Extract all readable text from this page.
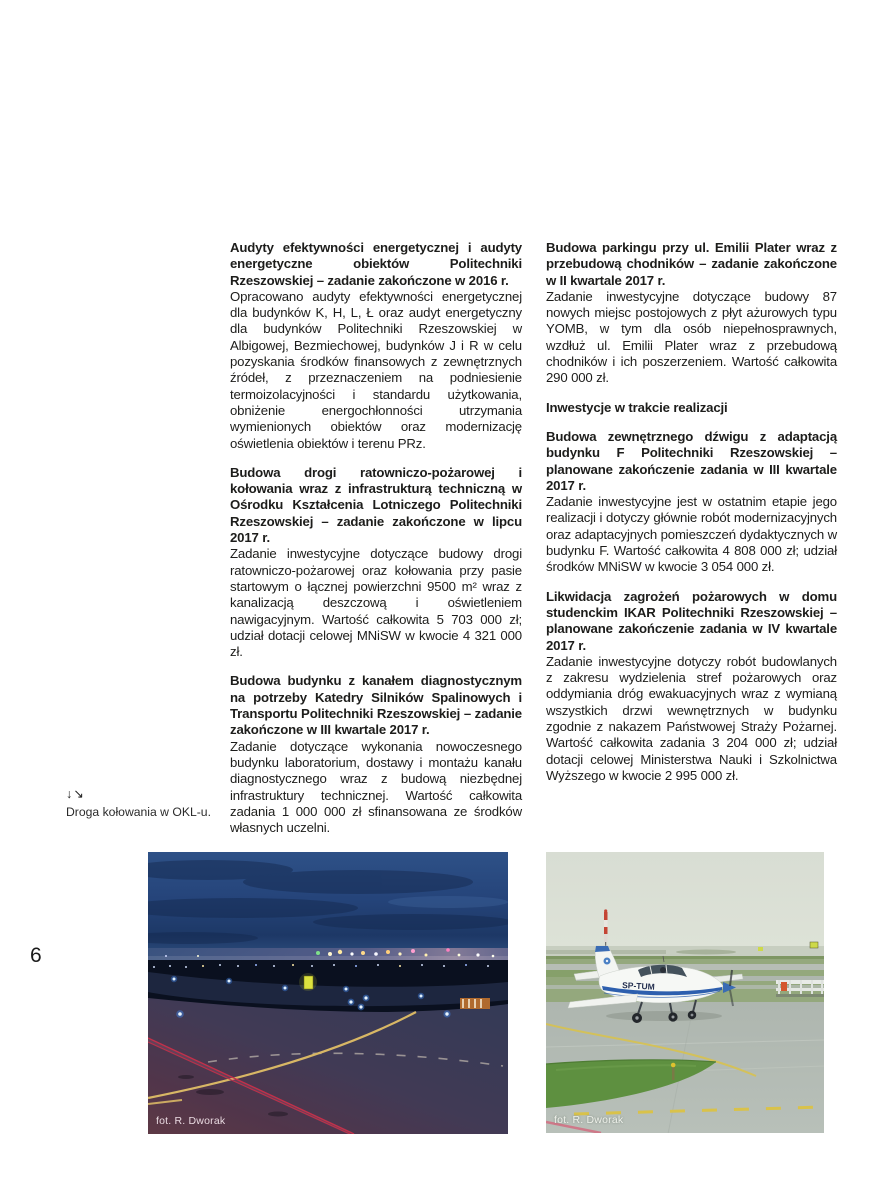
↓↘
Droga kołowania w OKL-u.
6
Audyty efektywności energetycznej i audyty energetyczne obiektów Politechniki Rzeszowskiej – zadanie zakończone w 2016 r.

Opracowano audyty efektywności energetycznej dla budynków K, H, L, Ł oraz audyt energetyczny dla budynków Politechniki Rzeszowskiej w Albigowej, Bezmiechowej, budynków J i R w celu pozyskania środków finansowych z zewnętrznych źródeł, z przeznaczeniem na podniesienie termoizolacyjności i standardu użytkowania, obniżenie energochłonności utrzymania wymienionych obiektów oraz modernizację oświetlenia obiektów i terenu PRz.

Budowa drogi ratowniczo-pożarowej i kołowania wraz z infrastrukturą techniczną w Ośrodku Kształcenia Lotniczego Politechniki Rzeszowskiej – zadanie zakończone w lipcu 2017 r.

Zadanie inwestycyjne dotyczące budowy drogi ratowniczo-pożarowej oraz kołowania przy pasie startowym o łącznej powierzchni 9500 m² wraz z kanalizacją deszczową i oświetleniem nawigacyjnym. Wartość całkowita 5 703 000 zł; udział dotacji celowej MNiSW w kwocie 4 321 000 zł.

Budowa budynku z kanałem diagnostycznym na potrzeby Katedry Silników Spalinowych i Transportu Politechniki Rzeszowskiej – zadanie zakończone w III kwartale 2017 r.

Zadanie dotyczące wykonania nowoczesnego budynku laboratorium, dostawy i montażu kanału diagnostycznego wraz z budową niezbędnej infrastruktury technicznej. Wartość całkowita zadania 1 000 000 zł sfinansowana ze środków własnych uczelni.

Budowa parkingu przy ul. Emilii Plater wraz z przebudową chodników – zadanie zakończone w II kwartale 2017 r.

Zadanie inwestycyjne dotyczące budowy 87 nowych miejsc postojowych z płyt ażurowych typu YOMB, w tym dla osób niepełnosprawnych, wzdłuż ul. Emilii Plater wraz z przebudową chodników i ich poszerzeniem. Wartość całkowita 290 000 zł.

Inwestycje w trakcie realizacji
Budowa zewnętrznego dźwigu z adaptacją budynku F Politechniki Rzeszowskiej – planowane zakończenie zadania w III kwartale 2017 r.

Zadanie inwestycyjne jest w ostatnim etapie jego realizacji i dotyczy głównie robót modernizacyjnych oraz adaptacyjnych pomieszczeń dydaktycznych w budynku F. Wartość całkowita 4 808 000 zł; udział środków MNiSW w kwocie 3 054 000 zł.

Likwidacja zagrożeń pożarowych w domu studenckim IKAR Politechniki Rzeszowskiej – planowane zakończenie zadania w IV kwartale 2017 r.

Zadanie inwestycyjne dotyczy robót budowlanych z zakresu wydzielenia stref pożarowych oraz oddymiania dróg ewakuacyjnych wraz z wymianą wszystkich drzwi wewnętrznych w budynku zgodnie z nakazem Państwowej Straży Pożarnej. Wartość całkowita zadania 3 204 000 zł; udział dotacji celowej Ministerstwa Nauki i Szkolnictwa Wyższego w kwocie 2 995 000 zł.

fot. R. Dworak
SP-TUM
fot. R. Dworak
